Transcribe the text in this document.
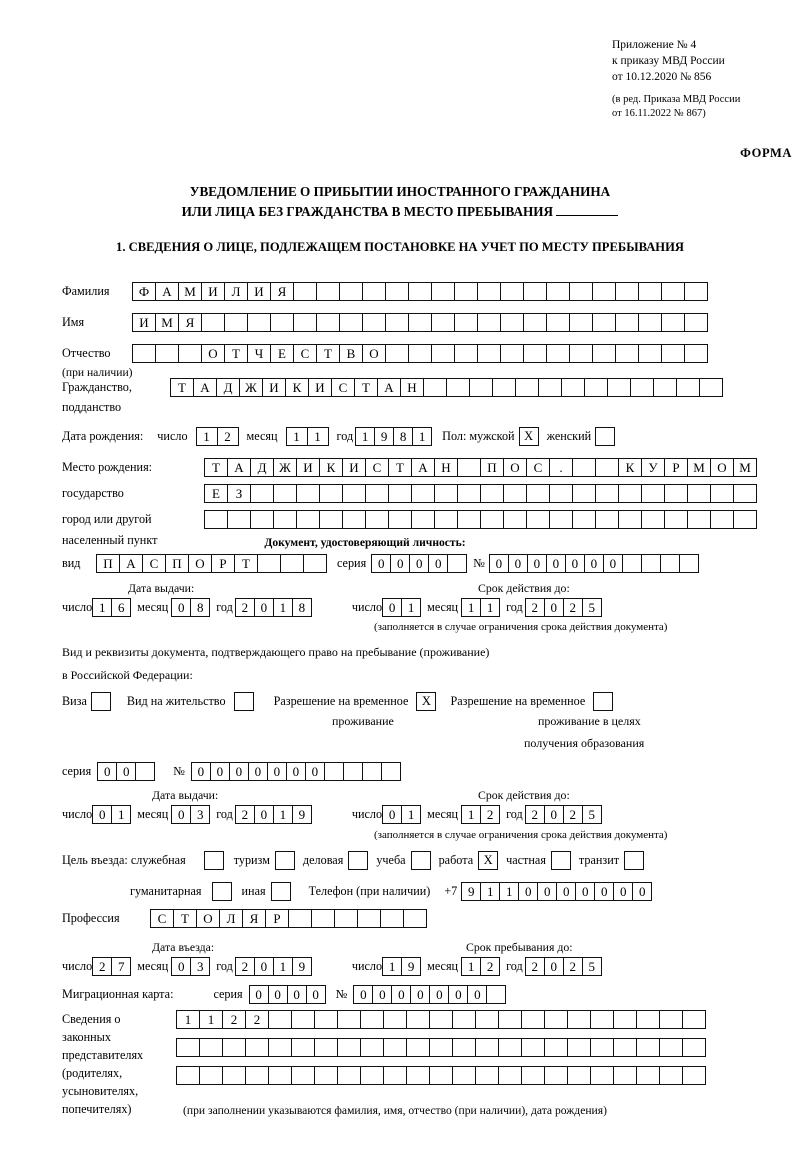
Приложение № 4
к приказу МВД России
от 10.12.2020 № 856
(в ред. Приказа МВД России
от 16.11.2022 № 867)
ФОРМА
УВЕДОМЛЕНИЕ О ПРИБЫТИИ ИНОСТРАННОГО ГРАЖДАНИНА
ИЛИ ЛИЦА БЕЗ ГРАЖДАНСТВА В МЕСТО ПРЕБЫВАНИЯ
1. СВЕДЕНИЯ О ЛИЦЕ, ПОДЛЕЖАЩЕМ ПОСТАНОВКЕ НА УЧЕТ ПО МЕСТУ ПРЕБЫВАНИЯ
Фамилия	Ф	А М И	Л	И	Я
Имя	И М Я
Отчество	О	Т	Ч	Е	С	Т	В	О
(при наличии)
Гражданство,	Т	А	Д Ж И	К	И	С	Т	А	Н
подданство
Дата рождения: число	1	2	месяц	1	1	год 1 9 8 1	Пол: мужской Х	женский
Место рождения:	Т	А	Д Ж И	К	И	С	Т	А	Н	П	О	С	.	К	У	Р	М О М
государство	Е	З
город или другой
населенный пункт	Документ, удостоверяющий личность:
вид	П	А	С	П	О	Р	Т	серия 0 0 0 0	№ 0 0 0 0 0 0 0
Дата выдачи:	Срок действия до:
число 1 6	месяц 0 8	год 2 0 1 8	число 0 1	месяц 1 1	год 2 0 2 5
(заполняется в случае ограничения срока действия документа)
Вид и реквизиты документа, подтверждающего право на пребывание (проживание)
в Российской Федерации:
Виза	Вид на жительство	Разрешение на временное	Х	Разрешение на временное
проживание	проживание в целях
получения образования
серия 0 0	№ 0 0 0 0 0 0 0
Дата выдачи:	Срок действия до:
число 0 1	месяц 0 3	год 2 0 1 9	число 0 1	месяц 1 2	год 2 0 2 5
(заполняется в случае ограничения срока действия документа)
Цель въезда: служебная	туризм	деловая	учеба	работа Х	частная	транзит
гуманитарная	иная	Телефон (при наличии) +7 9 1 1 0 0 0 0 0 0 0
Профессия	С	Т	О	Л	Я	Р
Дата въезда:	Срок пребывания до:
число 2 7	месяц 0 3	год 2 0 1 9	число 1 9	месяц 1 2	год 2 0 2 5
Миграционная карта:	серия 0 0 0 0	№ 0 0 0 0 0 0 0
Сведения о
законных
представителях
(родителях,
усыновителях,
попечителях)
1	1	2	2
(при заполнении указываются фамилия, имя, отчество (при наличии), дата рождения)
